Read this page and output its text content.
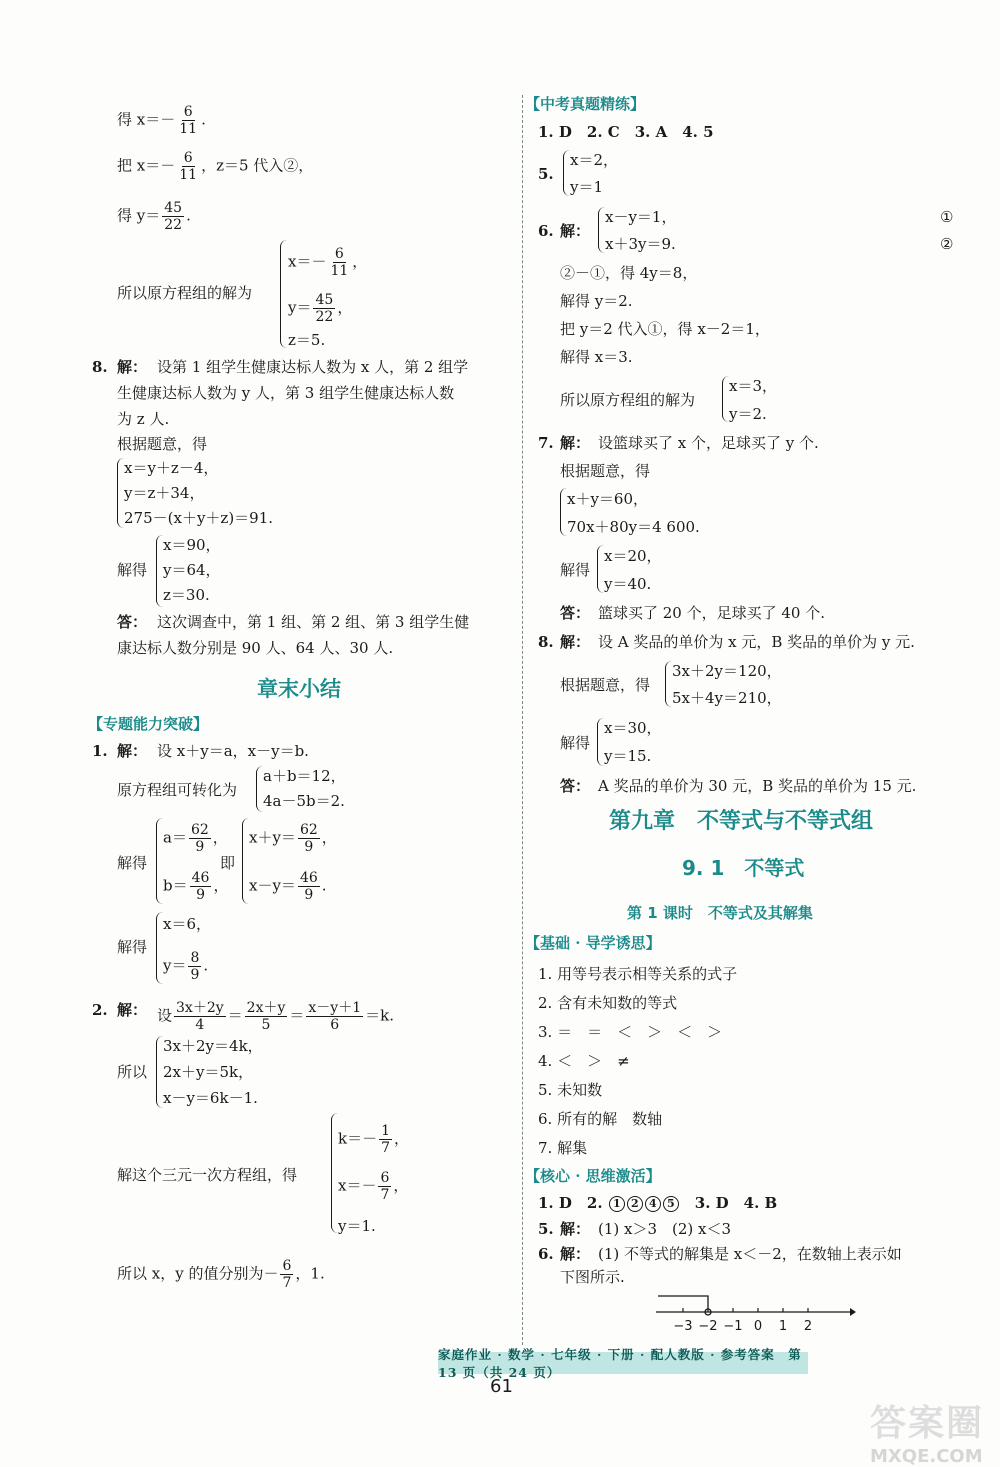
得 $x=- \frac{6}{11}$ .
把 $x=- \frac{6}{11}$ ，z＝5 代入②，
得 $y= \frac{45}{22}$ .
所以原方程组的解为
$x=- \frac{6}{11}$ ，
$y= \frac{45}{22}$ ，
z＝5.
8. 解： 设第 1 组学生健康达标人数为 x 人，第 2 组学
生健康达标人数为 y 人，第 3 组学生健康达标人数
为 z 人.
根据题意，得
x＝y＋z－4，
y＝z＋34，
275－(x＋y＋z)＝91.
解得
x＝90，
y＝64，
z＝30.
答： 这次调查中，第 1 组、第 2 组、第 3 组学生健
康达标人数分别是 90 人、64 人、30 人.
章末小结
【 专题能力突破 】
1. 解： 设 x＋y＝a，x－y＝b.
原方程组可转化为
a＋b＝12，
4a－5b＝2.
解得
$a= \frac{62}{9}$ ，
$b= \frac{46}{9}$ ，
即
$x+y= \frac{62}{9}$ ，
$x-y= \frac{46}{9}$ .
解得
x＝6，
$y= \frac{8}{9}$ .
2. 解： 设 $\frac{3x+2y}{4} = \frac{2x+y}{5} = \frac{x-y+1}{6} =k$.
所以
3x＋2y＝4k，
2x＋y＝5k，
x－y＝6k－1.
解这个三元一次方程组，得
$k=- \frac{1}{7}$ ，
$x=- \frac{6}{7}$ ，
y＝1.
所以 x，y 的值分别为－ $\frac{6}{7}$ ，1.
【 中考真题精练 】
1. D　2. C　3. A　4. 5
5.
x＝2，
y＝1
6. 解：
x－y＝1，
x＋3y＝9.
①
②
②－①，得 4y＝8，
解得 y＝2.
把 y＝2 代入①，得 x－2＝1，
解得 x＝3.
所以原方程组的解为
x＝3，
y＝2.
7. 解： 设篮球买了 x 个，足球买了 y 个.
根据题意，得
x＋y＝60，
70x＋80y＝4 600.
解得
x＝20，
y＝40.
答： 篮球买了 20 个，足球买了 40 个.
8. 解： 设 A 奖品的单价为 x 元，B 奖品的单价为 y 元.
根据题意，得
3x＋2y＝120，
5x＋4y＝210，
解得
x＝30，
y＝15.
答： A 奖品的单价为 30 元，B 奖品的单价为 15 元.
第九章　不等式与不等式组
9. 1　不等式
第 1 课时　不等式及其解集
【 基础 · 导学诱思 】
1. 用等号表示相等关系的式子
2. 含有未知数的等式
3. ＝　＝　＜　＞　＜　＞
4. ＜　＞　≠
5. 未知数
6. 所有的解　数轴
7. 解集
【 核心 · 思维激活 】
1. D　2. 1 2 4 5　3. D　4. B
5. 解： (1) x＞3　(2) x＜3
6. 解： (1) 不等式的解集是 x＜－2，在数轴上表示如
下图所示.
−3 −2 −1 0 1 2
家庭作业 · 数学 · 七年级 · 下册 · 配人教版 · 参考答案　第 13 页（共 24 页）
61
答案圈
MXQE.COM
